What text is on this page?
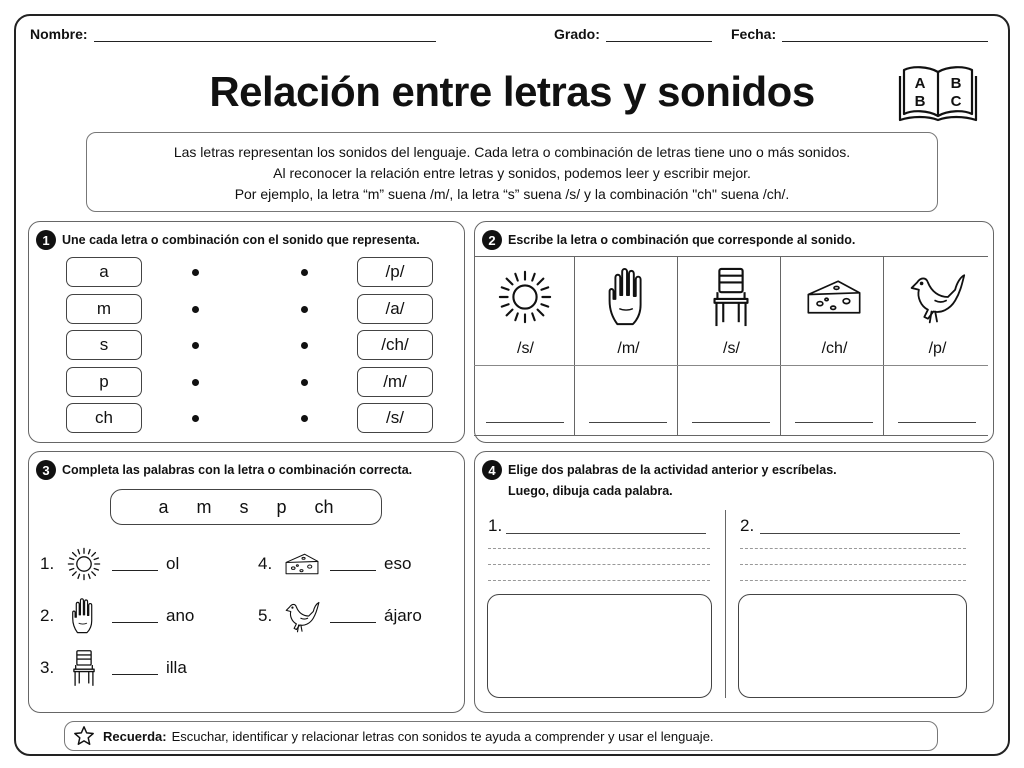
Nombre:	Grado:	Fecha:
Relación entre letras y sonidos	A B
B C
Las letras representan los sonidos del lenguaje. Cada letra o combinación de letras tiene uno o más sonidos.
Al reconocer la relación entre letras y sonidos, podemos leer y escribir mejor.
Por ejemplo, la letra “m” suena /m/, la letra “s” suena /s/ y la combinación "ch" suena /ch/.
1 Une cada letra o combinación con el sonido que representa.
a	/p/
m	/a/
s	/ch/
p	/m/
ch	/s/
2 Escribe la letra o combinación que corresponde al sonido.
/s/	/m/	/s/	/ch/	/p/
3 Completa las palabras con la letra o combinación correcta.
a m s p ch
1.	ol
2.	ano
3.	illa
4.	eso
5.	ájaro
4 Elige dos palabras de la actividad anterior y escríbelas.
Luego, dibuja cada palabra.
1.	2.
Recuerda: Escuchar, identificar y relacionar letras con sonidos te ayuda a comprender y usar el lenguaje.
